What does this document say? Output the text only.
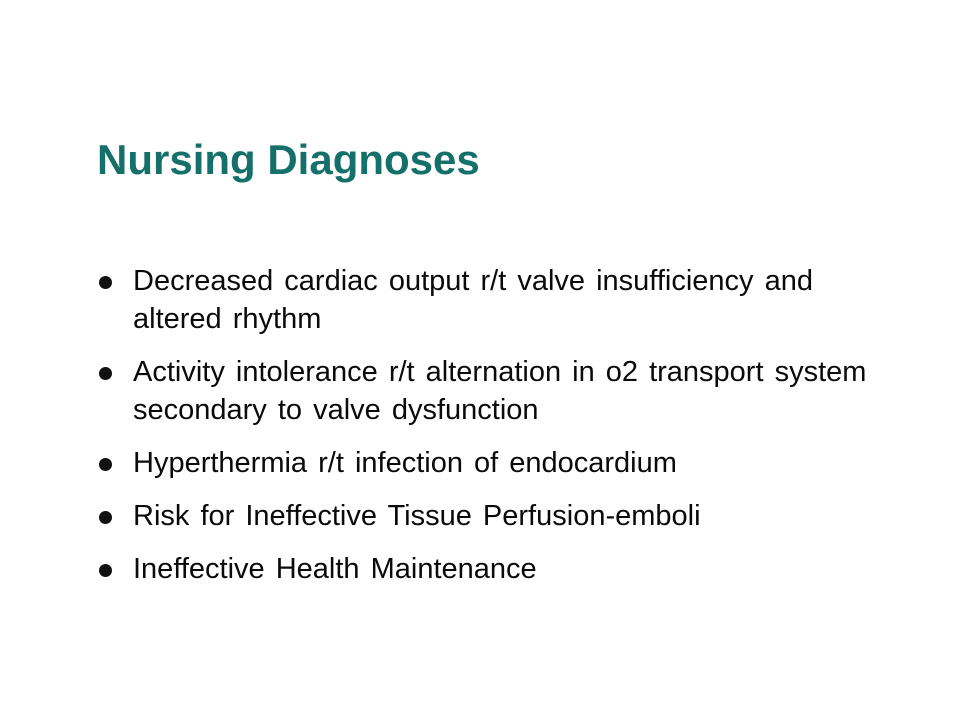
Nursing Diagnoses
Decreased cardiac output r/t valve insufficiency and altered rhythm
Activity intolerance r/t alternation in o2 transport system secondary to valve dysfunction
Hyperthermia r/t infection of endocardium
Risk for Ineffective Tissue Perfusion-emboli
Ineffective Health Maintenance
